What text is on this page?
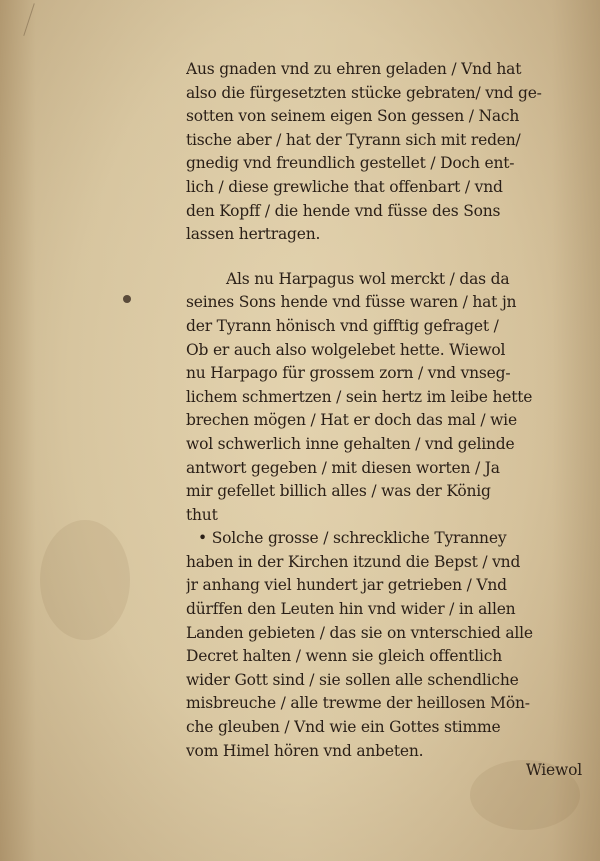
Aus gnaden vnd zu ehren geladen / Vnd hat
also die fürgesetzten stücke gebraten/ vnd ge-
sotten von seinem eigen Son gessen / Nach
tische aber / hat der Tyrann sich mit reden/
gnedig vnd freundlich gestellet / Doch ent-
lich / diese grewliche that offenbart / vnd
den Kopff / die hende vnd füsse des Sons
lassen hertragen.
Als nu Harpagus wol merckt / das da
seines Sons hende vnd füsse waren / hat jn
der Tyrann hönisch vnd gifftig gefraget /
Ob er auch also wolgelebet hette. Wiewol
nu Harpago für grossem zorn / vnd vnseg-
lichem schmertzen / sein hertz im leibe hette
brechen mögen / Hat er doch das mal / wie
wol schwerlich inne gehalten / vnd gelinde
antwort gegeben / mit diesen worten / Ja
mir gefellet billich alles / was der König
thut
• Solche grosse / schreckliche Tyranney
haben in der Kirchen itzund die Bepst / vnd
jr anhang viel hundert jar getrieben / Vnd
dürffen den Leuten hin vnd wider / in allen
Landen gebieten / das sie on vnterschied alle
Decret halten / wenn sie gleich offentlich
wider Gott sind / sie sollen alle schendliche
misbreuche / alle trewme der heillosen Mön-
che gleuben / Vnd wie ein Gottes stimme
vom Himel hören vnd anbeten.
Wiewol
